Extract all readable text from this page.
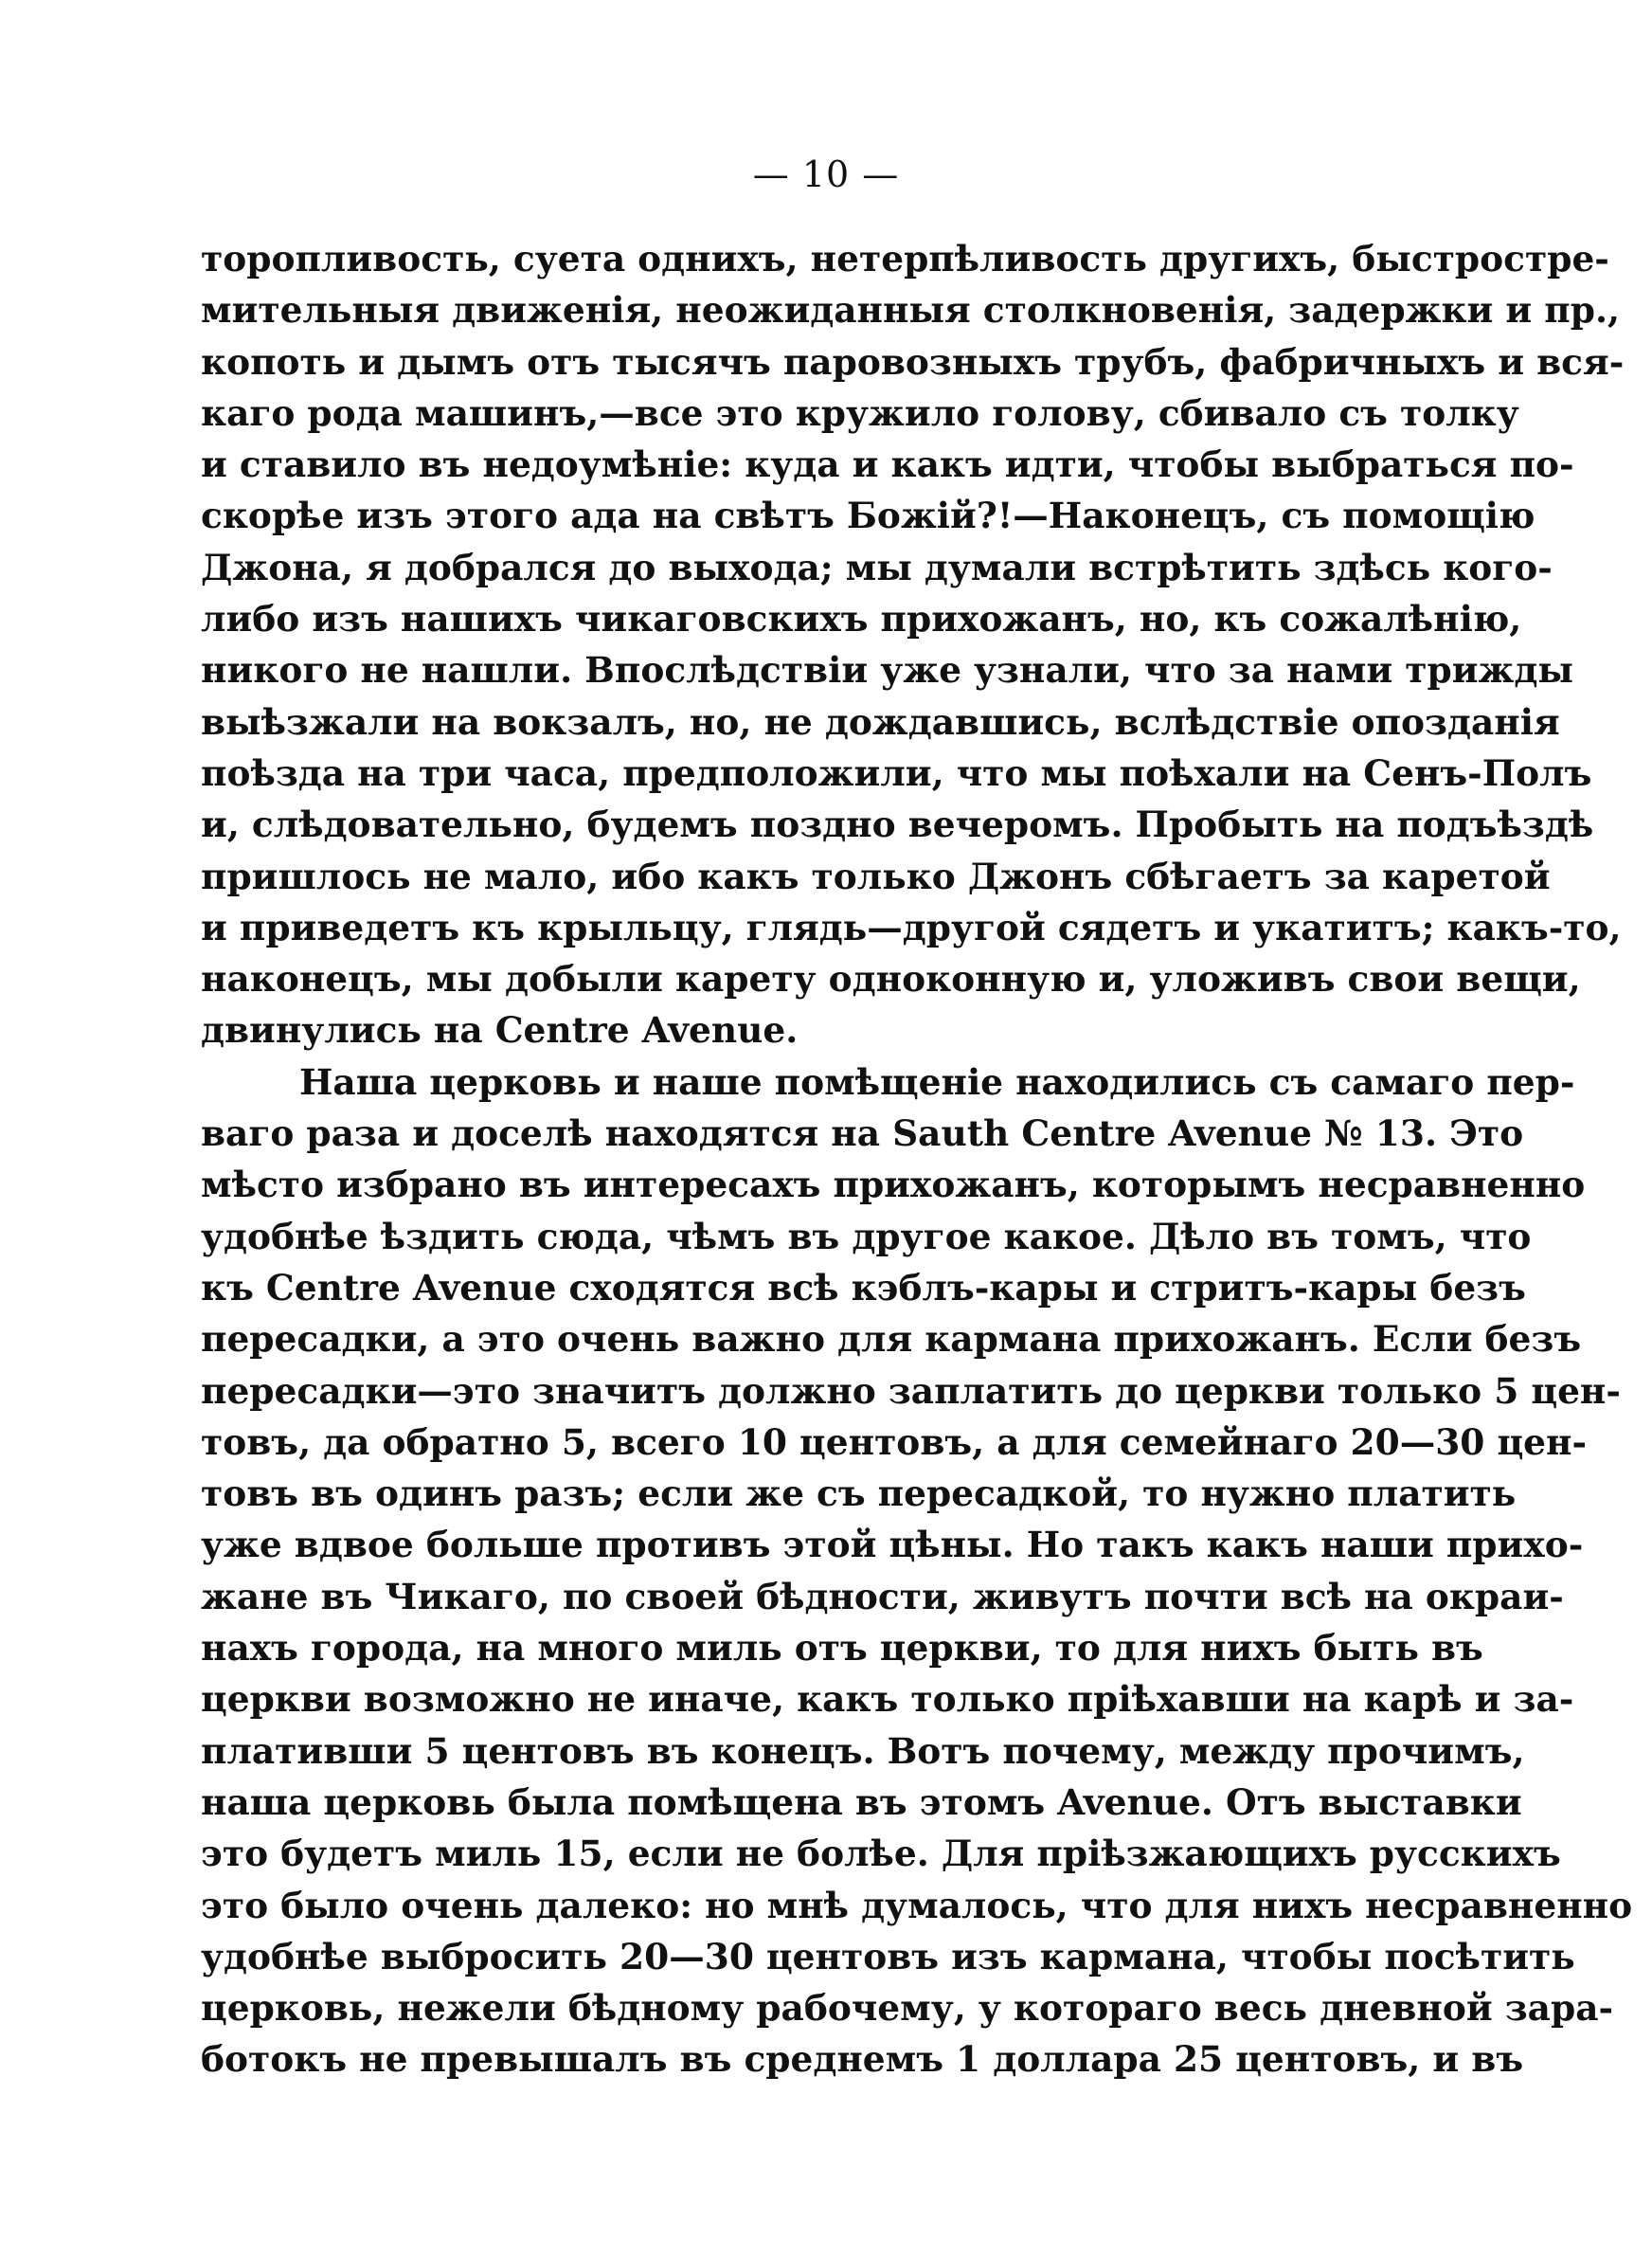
— 10 —
торопливость, суета однихъ, нетерпѣливость другихъ, быстростре-
мительныя движенія, неожиданныя столкновенія, задержки и пр.,
копоть и дымъ отъ тысячъ паровозныхъ трубъ, фабричныхъ и вся-
каго рода машинъ,—все это кружило голову, сбивало съ толку
и ставило въ недоумѣніе: куда и какъ идти, чтобы выбраться по-
скорѣе изъ этого ада на свѣтъ Божій?!—Наконецъ, съ помощію
Джона, я добрался до выхода; мы думали встрѣтить здѣсь кого-
либо изъ нашихъ чикаговскихъ прихожанъ, но, къ сожалѣнію,
никого не нашли. Впослѣдствіи уже узнали, что за нами трижды
выѣзжали на вокзалъ, но, не дождавшись, вслѣдствіе опозданія
поѣзда на три часа, предположили, что мы поѣхали на Сенъ-Полъ
и, слѣдовательно, будемъ поздно вечеромъ. Пробыть на подъѣздѣ
пришлось не мало, ибо какъ только Джонъ сбѣгаетъ за каретой
и приведетъ къ крыльцу, глядь—другой сядетъ и укатитъ; какъ-то,
наконецъ, мы добыли карету одноконную и, уложивъ свои вещи,
двинулись на Centre Avenue.
Наша церковь и наше помѣщеніе находились съ самаго пер-
ваго раза и доселѣ находятся на Sauth Centre Avenue № 13. Это
мѣсто избрано въ интересахъ прихожанъ, которымъ несравненно
удобнѣе ѣздить сюда, чѣмъ въ другое какое. Дѣло въ томъ, что
къ Centre Avenue сходятся всѣ кэблъ-кары и стритъ-кары безъ
пересадки, а это очень важно для кармана прихожанъ. Если безъ
пересадки—это значитъ должно заплатить до церкви только 5 цен-
товъ, да обратно 5, всего 10 центовъ, а для семейнаго 20—30 цен-
товъ въ одинъ разъ; если же съ пересадкой, то нужно платить
уже вдвое больше противъ этой цѣны. Но такъ какъ наши прихо-
жане въ Чикаго, по своей бѣдности, живутъ почти всѣ на окраи-
нахъ города, на много миль отъ церкви, то для нихъ быть въ
церкви возможно не иначе, какъ только пріѣхавши на карѣ и за-
плативши 5 центовъ въ конецъ. Вотъ почему, между прочимъ,
наша церковь была помѣщена въ этомъ Avenue. Отъ выставки
это будетъ миль 15, если не болѣе. Для пріѣзжающихъ русскихъ
это было очень далеко: но мнѣ думалось, что для нихъ несравненно
удобнѣе выбросить 20—30 центовъ изъ кармана, чтобы посѣтить
церковь, нежели бѣдному рабочему, у котораго весь дневной зара-
ботокъ не превышалъ въ среднемъ 1 доллара 25 центовъ, и въ
